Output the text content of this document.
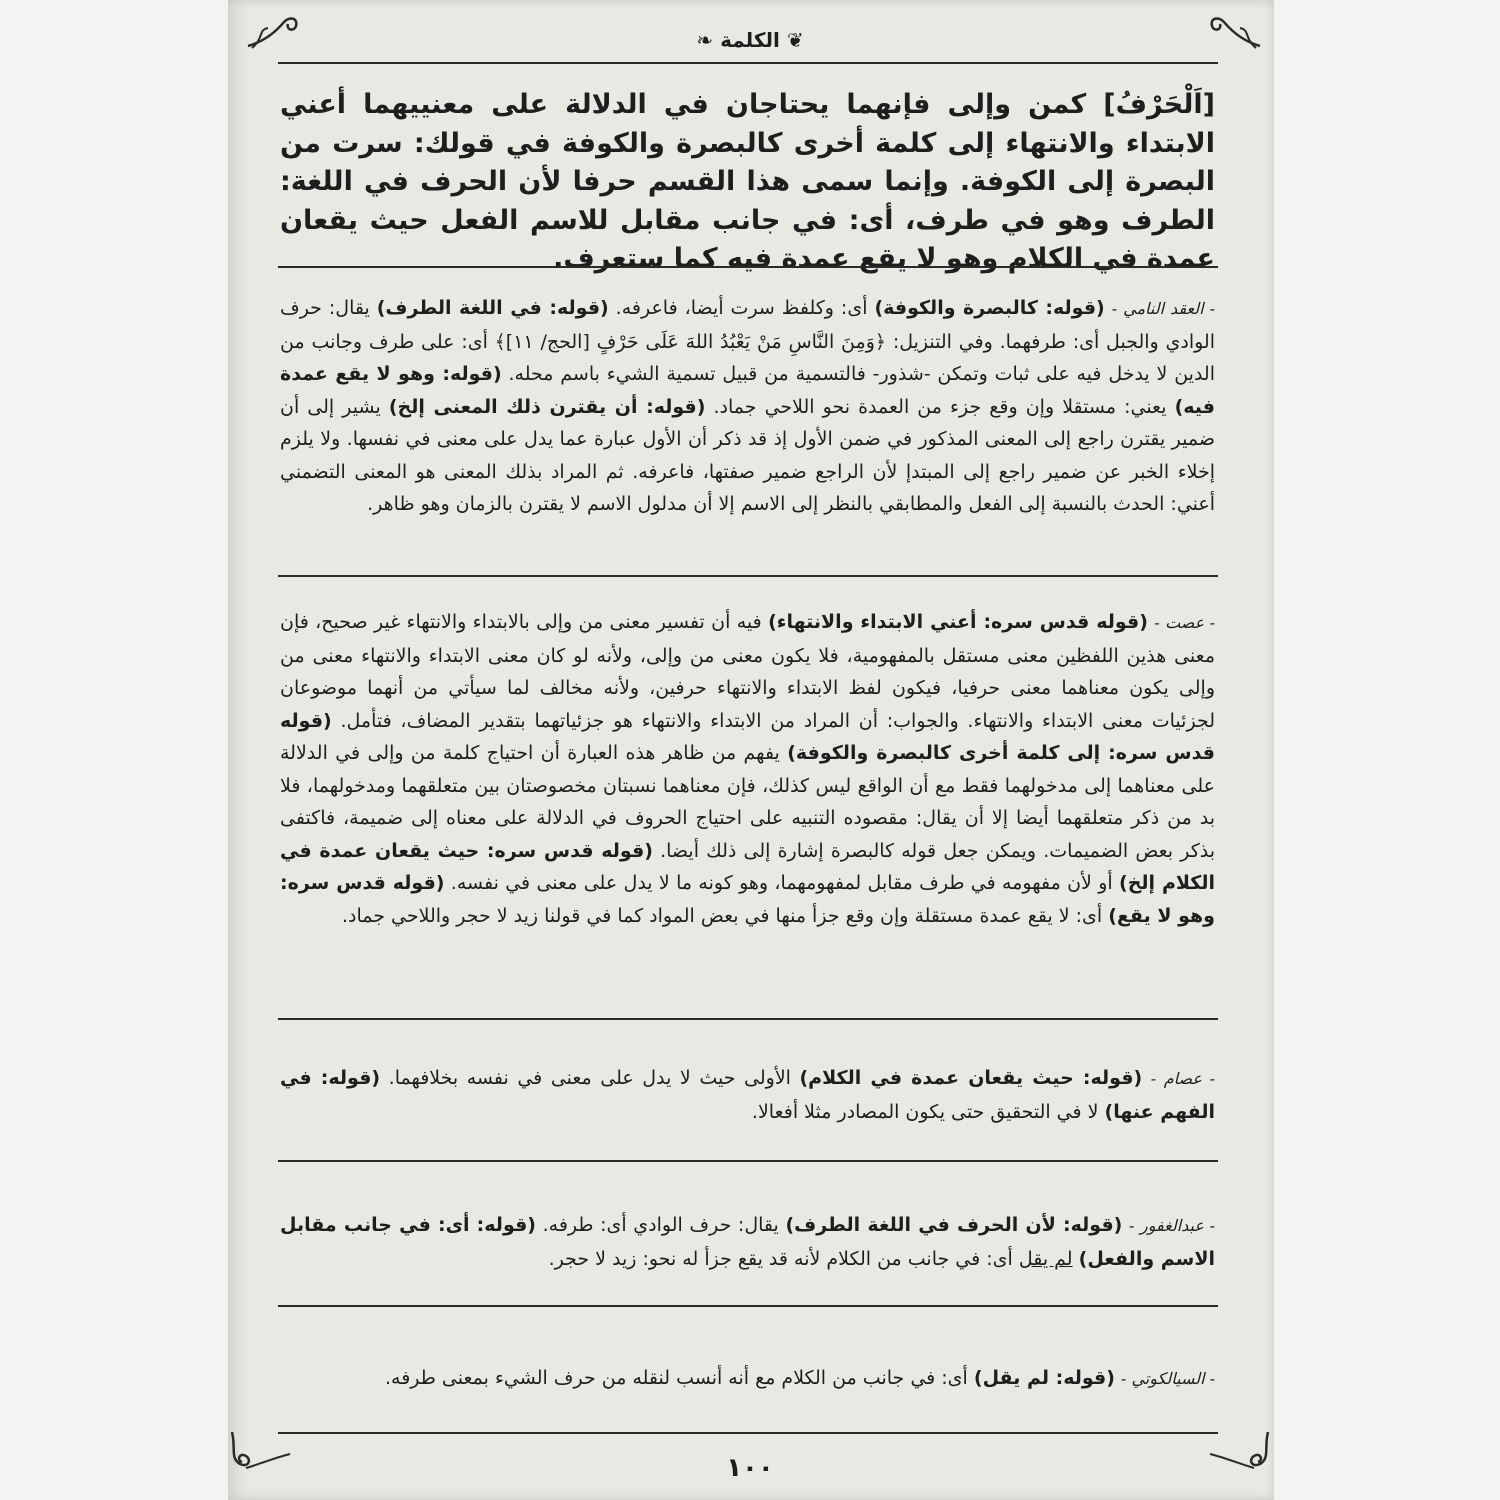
❦ الكلمة ❧
[اَلْحَرْفُ] كمن وإلى فإنهما يحتاجان في الدلالة على معنييهما أعني الابتداء والانتهاء إلى كلمة أخرى كالبصرة والكوفة في قولك: سرت من البصرة إلى الكوفة. وإنما سمى هذا القسم حرفا لأن الحرف في اللغة: الطرف وهو في طرف، أى: في جانب مقابل للاسم الفعل حيث يقعان عمدة في الكلام وهو لا يقع عمدة فيه كما ستعرف.
- العقد النامي - (قوله: كالبصرة والكوفة) أى: وكلفظ سرت أيضا، فاعرفه. (قوله: في اللغة الطرف) يقال: حرف الوادي والجبل أى: طرفهما. وفي التنزيل: ﴿وَمِنَ النَّاسِ مَنْ يَعْبُدُ اللهَ عَلَى حَرْفٍ [الحج/ ١١]﴾ أى: على طرف وجانب من الدين لا يدخل فيه على ثبات وتمكن -شذور- فالتسمية من قبيل تسمية الشيء باسم محله. (قوله: وهو لا يقع عمدة فيه) يعني: مستقلا وإن وقع جزء من العمدة نحو اللاحي جماد. (قوله: أن يقترن ذلك المعنى إلخ) يشير إلى أن ضمير يقترن راجع إلى المعنى المذكور في ضمن الأول إذ قد ذكر أن الأول عبارة عما يدل على معنى في نفسها. ولا يلزم إخلاء الخبر عن ضمير راجع إلى المبتدإ لأن الراجع ضمير صفتها، فاعرفه. ثم المراد بذلك المعنى هو المعنى التضمني أعني: الحدث بالنسبة إلى الفعل والمطابقي بالنظر إلى الاسم إلا أن مدلول الاسم لا يقترن بالزمان وهو ظاهر.
- عصت - (قوله قدس سره: أعني الابتداء والانتهاء) فيه أن تفسير معنى من وإلى بالابتداء والانتهاء غير صحيح، فإن معنى هذين اللفظين معنى مستقل بالمفهومية، فلا يكون معنى من وإلى، ولأنه لو كان معنى الابتداء والانتهاء معنى من وإلى يكون معناهما معنى حرفيا، فيكون لفظ الابتداء والانتهاء حرفين، ولأنه مخالف لما سيأتي من أنهما موضوعان لجزئيات معنى الابتداء والانتهاء. والجواب: أن المراد من الابتداء والانتهاء هو جزئياتهما بتقدير المضاف، فتأمل. (قوله قدس سره: إلى كلمة أخرى كالبصرة والكوفة) يفهم من ظاهر هذه العبارة أن احتياج كلمة من وإلى في الدلالة على معناهما إلى مدخولهما فقط مع أن الواقع ليس كذلك، فإن معناهما نسبتان مخصوصتان بين متعلقهما ومدخولهما، فلا بد من ذكر متعلقهما أيضا إلا أن يقال: مقصوده التنبيه على احتياج الحروف في الدلالة على معناه إلى ضميمة، فاكتفى بذكر بعض الضميمات. ويمكن جعل قوله كالبصرة إشارة إلى ذلك أيضا. (قوله قدس سره: حيث يقعان عمدة في الكلام إلخ) أو لأن مفهومه في طرف مقابل لمفهومهما، وهو كونه ما لا يدل على معنى في نفسه. (قوله قدس سره: وهو لا يقع) أى: لا يقع عمدة مستقلة وإن وقع جزأ منها في بعض المواد كما في قولنا زيد لا حجر واللاحي جماد.
- عصام - (قوله: حيث يقعان عمدة في الكلام) الأولى حيث لا يدل على معنى في نفسه بخلافهما. (قوله: في الفهم عنها) لا في التحقيق حتى يكون المصادر مثلا أفعالا.
- عبدالغفور - (قوله: لأن الحرف في اللغة الطرف) يقال: حرف الوادي أى: طرفه. (قوله: أى: في جانب مقابل الاسم والفعل) لم يقل أى: في جانب من الكلام لأنه قد يقع جزأ له نحو: زيد لا حجر.
- السيالكوتي - (قوله: لم يقل) أى: في جانب من الكلام مع أنه أنسب لنقله من حرف الشيء بمعنى طرفه.
١٠٠
